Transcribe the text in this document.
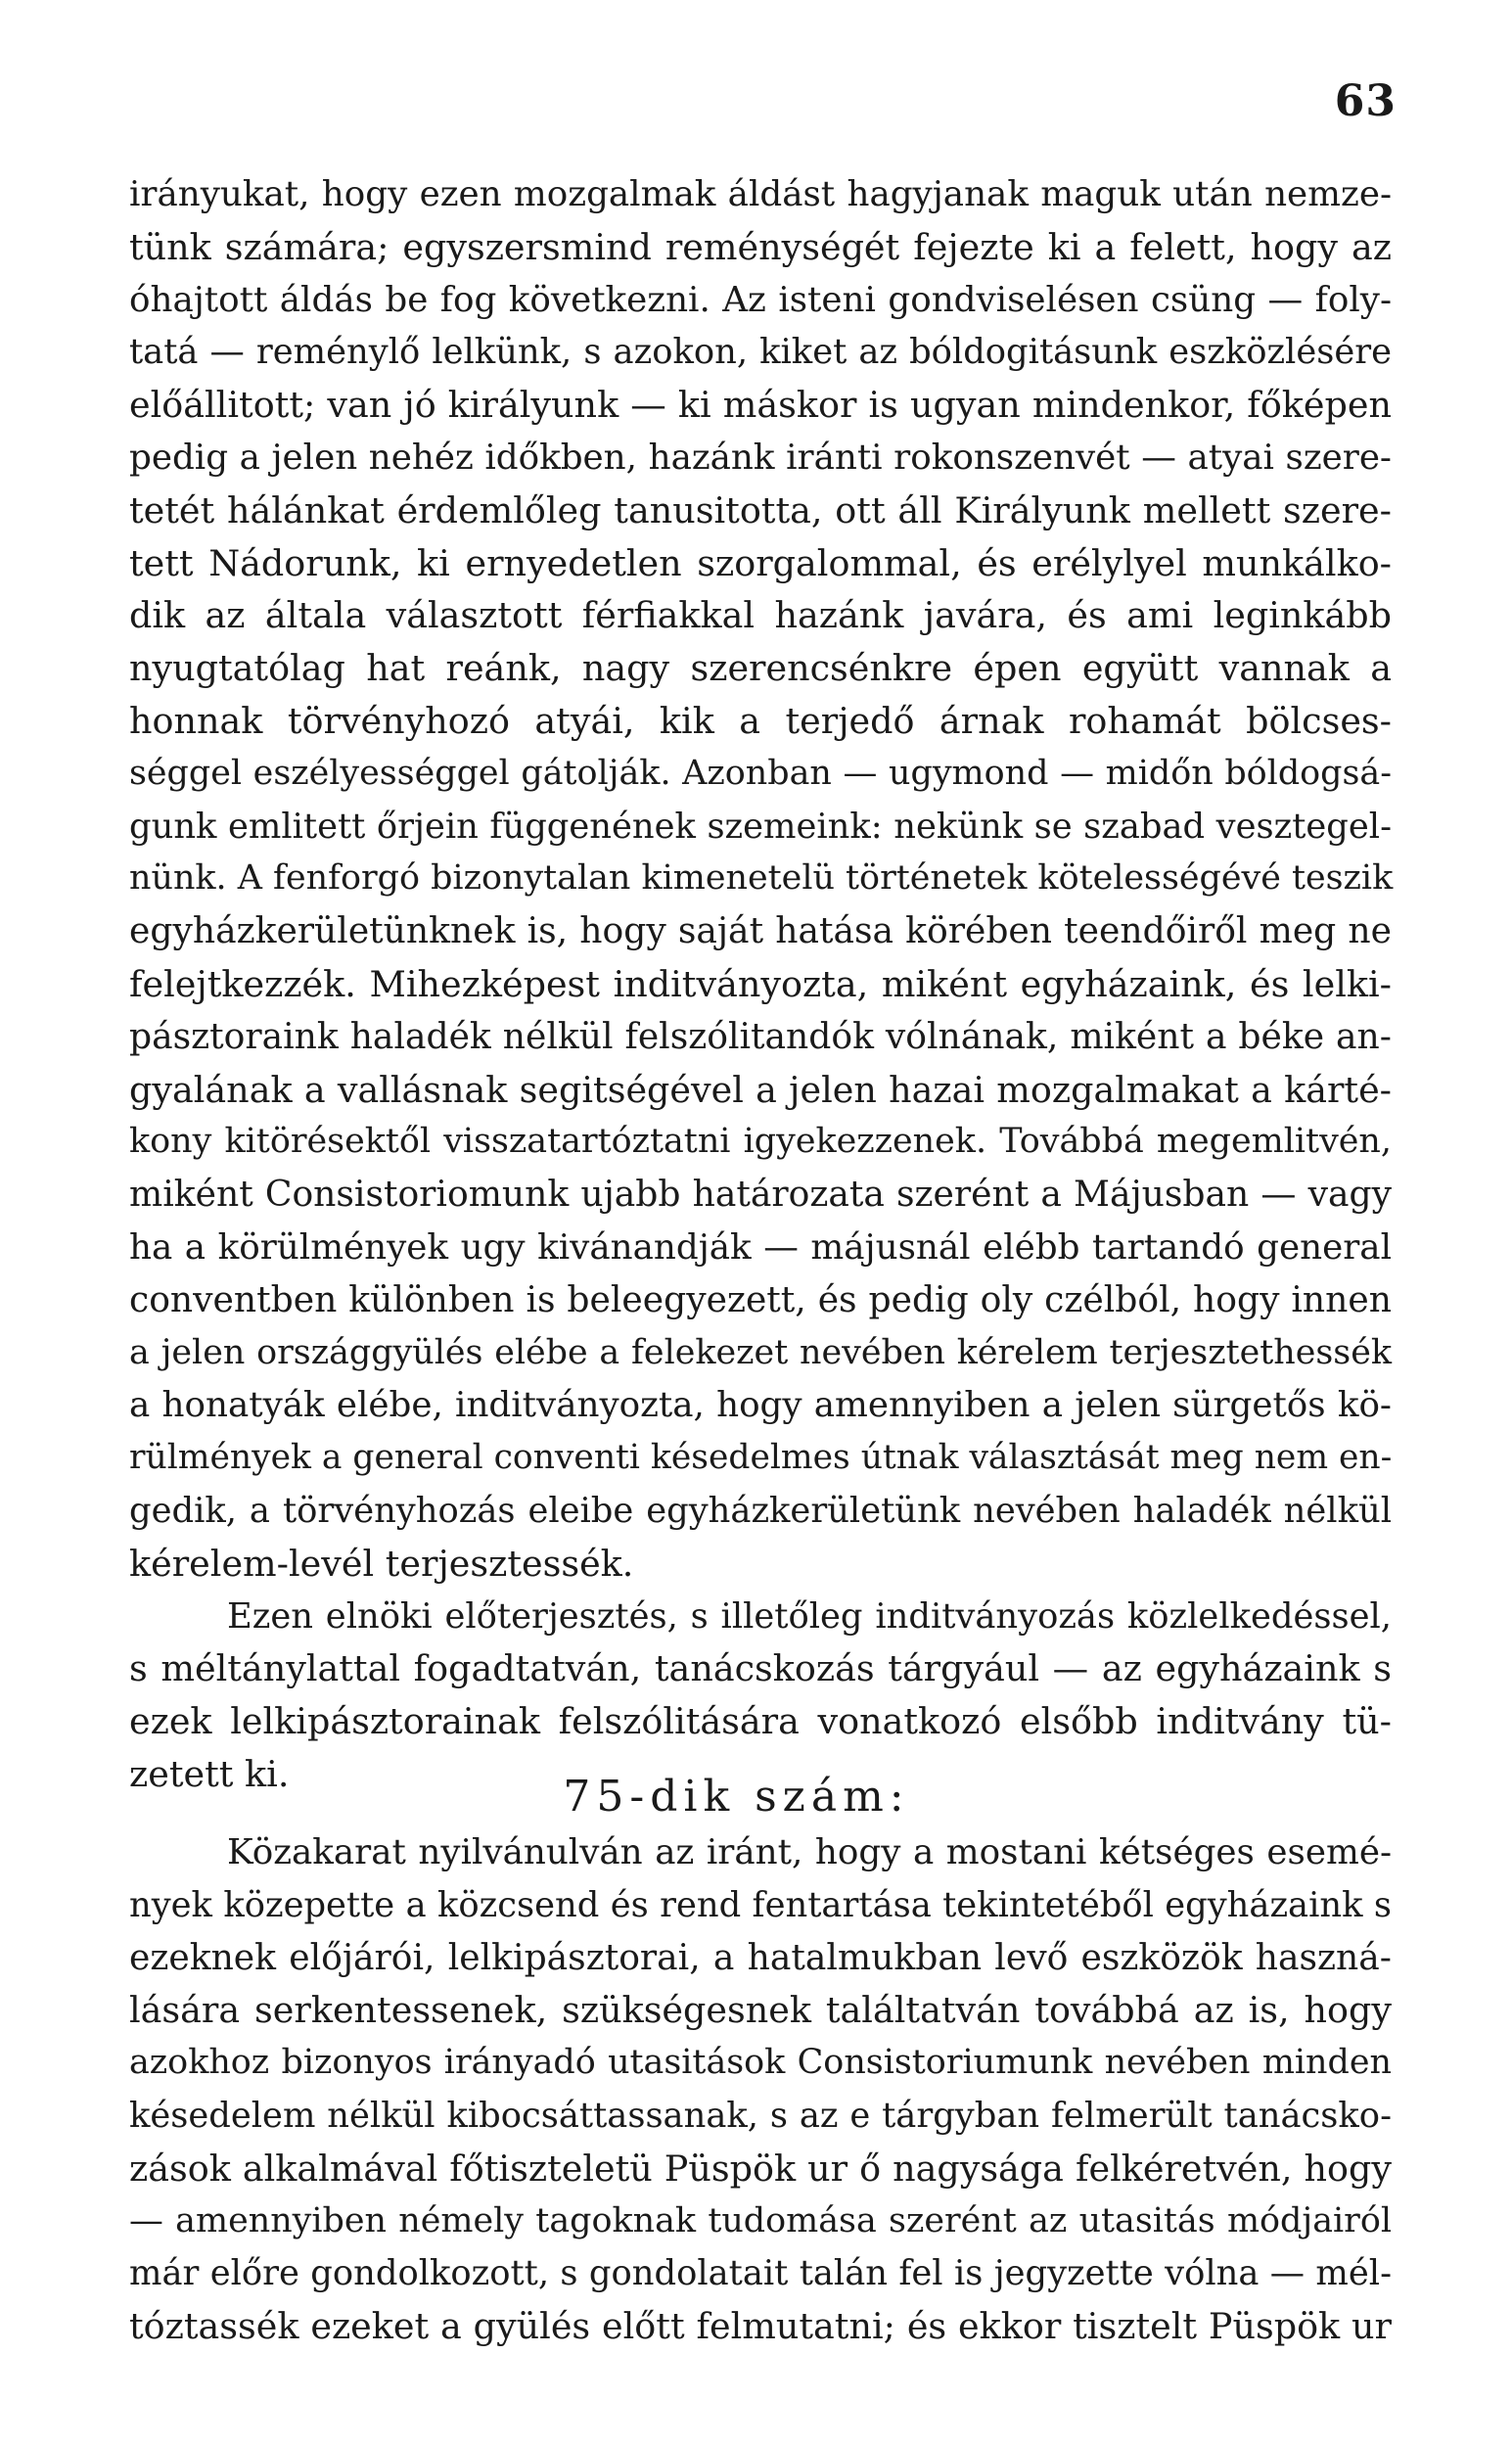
63
irányukat, hogy ezen mozgalmak áldást hagyjanak maguk után nemze-
tünk számára; egyszersmind reménységét fejezte ki a felett, hogy az
óhajtott áldás be fog következni. Az isteni gondviselésen csüng — foly-
tatá — reménylő lelkünk, s azokon, kiket az bóldogitásunk eszközlésére
előállitott; van jó királyunk — ki máskor is ugyan mindenkor, főképen
pedig a jelen nehéz időkben, hazánk iránti rokonszenvét — atyai szere-
tetét hálánkat érdemlőleg tanusitotta, ott áll Királyunk mellett szere-
tett Nádorunk, ki ernyedetlen szorgalommal, és erélylyel munkálko-
dik az általa választott férfiakkal hazánk javára, és ami leginkább
nyugtatólag hat reánk, nagy szerencsénkre épen együtt vannak a
honnak törvényhozó atyái, kik a terjedő árnak rohamát bölcses-
séggel eszélyességgel gátolják. Azonban — ugymond — midőn bóldogsá-
gunk emlitett őrjein függenének szemeink: nekünk se szabad vesztegel-
nünk. A fenforgó bizonytalan kimenetelü történetek kötelességévé teszik
egyházkerületünknek is, hogy saját hatása körében teendőiről meg ne
felejtkezzék. Mihezképest inditványozta, miként egyházaink, és lelki-
pásztoraink haladék nélkül felszólitandók vólnának, miként a béke an-
gyalának a vallásnak segitségével a jelen hazai mozgalmakat a kárté-
kony kitörésektől visszatartóztatni igyekezzenek. Továbbá megemlitvén,
miként Consistoriomunk ujabb határozata szerént a Májusban — vagy
ha a körülmények ugy kivánandják — májusnál elébb tartandó general
conventben különben is beleegyezett, és pedig oly czélból, hogy innen
a jelen országgyülés elébe a felekezet nevében kérelem terjesztethessék
a honatyák elébe, inditványozta, hogy amennyiben a jelen sürgetős kö-
rülmények a general conventi késedelmes útnak választását meg nem en-
gedik, a törvényhozás eleibe egyházkerületünk nevében haladék nélkül
kérelem-levél terjesztessék.
Ezen elnöki előterjesztés, s illetőleg inditványozás közlelkedéssel,
s méltánylattal fogadtatván, tanácskozás tárgyául — az egyházaink s
ezek lelkipásztorainak felszólitására vonatkozó elsőbb inditvány tü-
zetett ki.	75-dik szám:
Közakarat nyilvánulván az iránt, hogy a mostani kétséges esemé-
nyek közepette a közcsend és rend fentartása tekintetéből egyházaink s
ezeknek előjárói, lelkipásztorai, a hatalmukban levő eszközök haszná-
lására serkentessenek, szükségesnek találtatván továbbá az is, hogy
azokhoz bizonyos irányadó utasitások Consistoriumunk nevében minden
késedelem nélkül kibocsáttassanak, s az e tárgyban felmerült tanácsko-
zások alkalmával főtiszteletü Püspök ur ő nagysága felkéretvén, hogy
— amennyiben némely tagoknak tudomása szerént az utasitás módjairól
már előre gondolkozott, s gondolatait talán fel is jegyzette vólna — mél-
tóztassék ezeket a gyülés előtt felmutatni; és ekkor tisztelt Püspök ur
